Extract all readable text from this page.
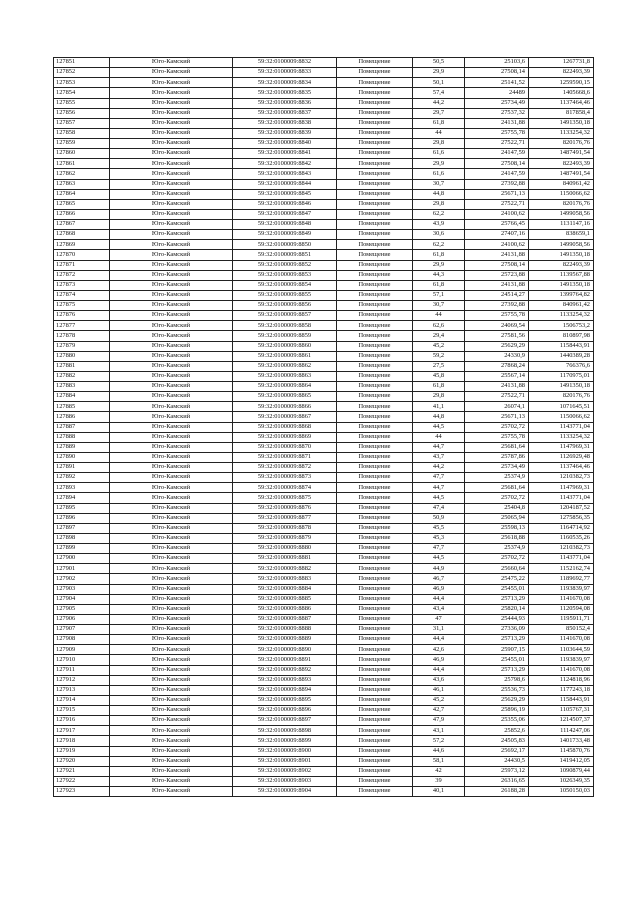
127851	Юго-Камский	59:32:0100009:8832	Помещение	50,5	25103,6	1267731,8
127852	Юго-Камский	59:32:0100009:8833	Помещение	29,9	27508,14	822493,39
127853	Юго-Камский	59:32:0100009:8834	Помещение	50,1	25141,52	1259590,15
127854	Юго-Камский	59:32:0100009:8835	Помещение	57,4	24489	1405668,6
127855	Юго-Камский	59:32:0100009:8836	Помещение	44,2	25734,49	1137464,46
127856	Юго-Камский	59:32:0100009:8837	Помещение	29,7	27537,32	817858,4
127857	Юго-Камский	59:32:0100009:8838	Помещение	61,8	24131,88	1491350,18
127858	Юго-Камский	59:32:0100009:8839	Помещение	44	25755,78	1133254,32
127859	Юго-Камский	59:32:0100009:8840	Помещение	29,8	27522,71	820176,76
127860	Юго-Камский	59:32:0100009:8841	Помещение	61,6	24147,59	1487491,54
127861	Юго-Камский	59:32:0100009:8842	Помещение	29,9	27508,14	822493,39
127862	Юго-Камский	59:32:0100009:8843	Помещение	61,6	24147,59	1487491,54
127863	Юго-Камский	59:32:0100009:8844	Помещение	30,7	27392,88	840961,42
127864	Юго-Камский	59:32:0100009:8845	Помещение	44,8	25671,13	1150066,62
127865	Юго-Камский	59:32:0100009:8846	Помещение	29,8	27522,71	820176,76
127866	Юго-Камский	59:32:0100009:8847	Помещение	62,2	24100,62	1499058,56
127867	Юго-Камский	59:32:0100009:8848	Помещение	43,9	25766,45	1131147,16
127868	Юго-Камский	59:32:0100009:8849	Помещение	30,6	27407,16	838659,1
127869	Юго-Камский	59:32:0100009:8850	Помещение	62,2	24100,62	1499058,56
127870	Юго-Камский	59:32:0100009:8851	Помещение	61,8	24131,88	1491350,18
127871	Юго-Камский	59:32:0100009:8852	Помещение	29,9	27508,14	822493,39
127872	Юго-Камский	59:32:0100009:8853	Помещение	44,3	25723,88	1139567,88
127873	Юго-Камский	59:32:0100009:8854	Помещение	61,8	24131,88	1491350,18
127874	Юго-Камский	59:32:0100009:8855	Помещение	57,1	24514,27	1399764,82
127875	Юго-Камский	59:32:0100009:8856	Помещение	30,7	27392,88	840961,42
127876	Юго-Камский	59:32:0100009:8857	Помещение	44	25755,78	1133254,32
127877	Юго-Камский	59:32:0100009:8858	Помещение	62,6	24069,54	1506753,2
127878	Юго-Камский	59:32:0100009:8859	Помещение	29,4	27581,56	810897,98
127879	Юго-Камский	59:32:0100009:8860	Помещение	45,2	25629,29	1158443,91
127880	Юго-Камский	59:32:0100009:8861	Помещение	59,2	24330,9	1440389,28
127881	Юго-Камский	59:32:0100009:8862	Помещение	27,5	27868,24	766376,6
127882	Юго-Камский	59:32:0100009:8863	Помещение	45,8	25567,14	1170975,01
127883	Юго-Камский	59:32:0100009:8864	Помещение	61,8	24131,88	1491350,18
127884	Юго-Камский	59:32:0100009:8865	Помещение	29,8	27522,71	820176,76
127885	Юго-Камский	59:32:0100009:8866	Помещение	41,1	26074,1	1071645,51
127886	Юго-Камский	59:32:0100009:8867	Помещение	44,8	25671,13	1150066,62
127887	Юго-Камский	59:32:0100009:8868	Помещение	44,5	25702,72	1143771,04
127888	Юго-Камский	59:32:0100009:8869	Помещение	44	25755,78	1133254,32
127889	Юго-Камский	59:32:0100009:8870	Помещение	44,7	25681,64	1147969,31
127890	Юго-Камский	59:32:0100009:8871	Помещение	43,7	25787,86	1126929,48
127891	Юго-Камский	59:32:0100009:8872	Помещение	44,2	25734,49	1137464,46
127892	Юго-Камский	59:32:0100009:8873	Помещение	47,7	25374,9	1210382,73
127893	Юго-Камский	59:32:0100009:8874	Помещение	44,7	25681,64	1147969,31
127894	Юго-Камский	59:32:0100009:8875	Помещение	44,5	25702,72	1143771,04
127895	Юго-Камский	59:32:0100009:8876	Помещение	47,4	25404,8	1204187,52
127896	Юго-Камский	59:32:0100009:8877	Помещение	50,9	25065,94	1275856,35
127897	Юго-Камский	59:32:0100009:8878	Помещение	45,5	25598,13	1164714,92
127898	Юго-Камский	59:32:0100009:8879	Помещение	45,3	25618,88	1160535,26
127899	Юго-Камский	59:32:0100009:8880	Помещение	47,7	25374,9	1210382,73
127900	Юго-Камский	59:32:0100009:8881	Помещение	44,5	25702,72	1143771,04
127901	Юго-Камский	59:32:0100009:8882	Помещение	44,9	25660,64	1152162,74
127902	Юго-Камский	59:32:0100009:8883	Помещение	46,7	25475,22	1189692,77
127903	Юго-Камский	59:32:0100009:8884	Помещение	46,9	25455,01	1193839,97
127904	Юго-Камский	59:32:0100009:8885	Помещение	44,4	25713,29	1141670,08
127905	Юго-Камский	59:32:0100009:8886	Помещение	43,4	25820,14	1120594,08
127906	Юго-Камский	59:32:0100009:8887	Помещение	47	25444,93	1195911,71
127907	Юго-Камский	59:32:0100009:8888	Помещение	31,1	27336,09	850152,4
127908	Юго-Камский	59:32:0100009:8889	Помещение	44,4	25713,29	1141670,08
127909	Юго-Камский	59:32:0100009:8890	Помещение	42,6	25907,15	1103644,59
127910	Юго-Камский	59:32:0100009:8891	Помещение	46,9	25455,01	1193839,97
127911	Юго-Камский	59:32:0100009:8892	Помещение	44,4	25713,29	1141670,08
127912	Юго-Камский	59:32:0100009:8893	Помещение	43,6	25798,6	1124818,96
127913	Юго-Камский	59:32:0100009:8894	Помещение	46,1	25536,73	1177243,18
127914	Юго-Камский	59:32:0100009:8895	Помещение	45,2	25629,29	1158443,91
127915	Юго-Камский	59:32:0100009:8896	Помещение	42,7	25896,19	1105767,31
127916	Юго-Камский	59:32:0100009:8897	Помещение	47,9	25355,06	1214507,37
127917	Юго-Камский	59:32:0100009:8898	Помещение	43,1	25852,6	1114247,06
127918	Юго-Камский	59:32:0100009:8899	Помещение	57,2	24505,83	1401733,48
127919	Юго-Камский	59:32:0100009:8900	Помещение	44,6	25692,17	1145870,76
127920	Юго-Камский	59:32:0100009:8901	Помещение	58,1	24430,5	1419412,05
127921	Юго-Камский	59:32:0100009:8902	Помещение	42	25973,12	1090879,44
127922	Юго-Камский	59:32:0100009:8903	Помещение	39	26316,65	1026349,35
127923	Юго-Камский	59:32:0100009:8904	Помещение	40,1	26188,28	1050150,03
